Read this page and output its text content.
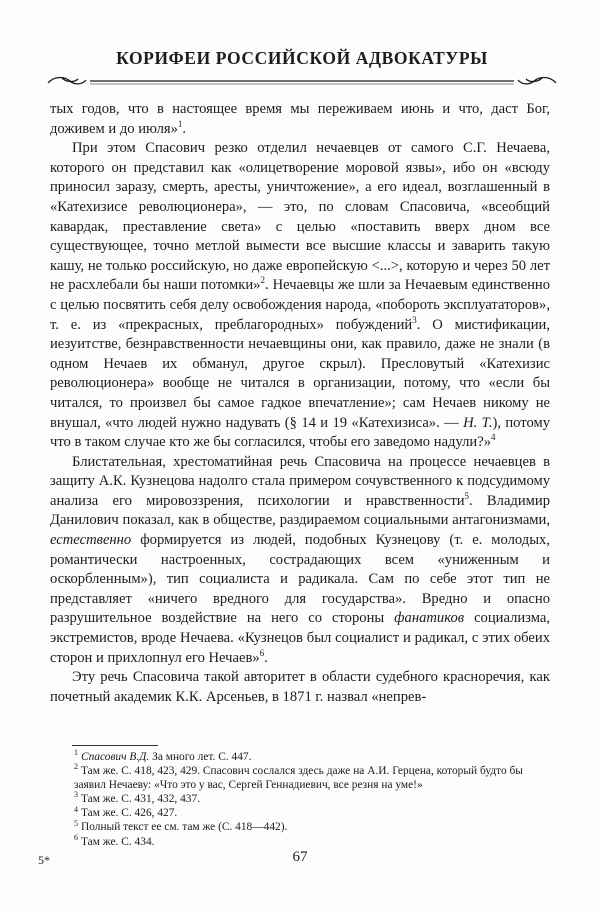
КОРИФЕИ РОССИЙСКОЙ АДВОКАТУРЫ

тых годов, что в настоящее время мы переживаем июнь и что, даст Бог, доживем и до июля»$^1$.

При этом Спасович резко отделил нечаевцев от самого С.Г. Нечаева, которого он представил как «олицетворение моровой язвы», ибо он «всюду приносил заразу, смерть, аресты, уничтожение», а его идеал, возглашенный в «Катехизисе революционера», — это, по словам Спасовича, «всеобщий кавардак, преставление света» с целью «поставить вверх дном все существующее, точно метлой вымести все высшие классы и заварить такую кашу, не только российскую, но даже европейскую <...>, которую и через 50 лет не расхлебали бы наши потомки»$^2$. Нечаевцы же шли за Нечаевым единственно с целью посвятить себя делу освобождения народа, «побороть эксплуататоров», т. е. из «прекрасных, преблагородных» побуждений$^3$. О мистификации, иезуитстве, безнравственности нечаевщины они, как правило, даже не знали (в одном Нечаев их обманул, другое скрыл). Пресловутый «Катехизис революционера» вообще не читался в организации, потому, что «если бы читался, то произвел бы самое гадкое впечатление»; сам Нечаев никому не внушал, «что людей нужно надувать (§ 14 и 19 «Катехизиса». — Н. Т.), потому что в таком случае кто же бы согласился, чтобы его заведомо надули?»$^4$

Блистательная, хрестоматийная речь Спасовича на процессе нечаевцев в защиту А.К. Кузнецова надолго стала примером сочувственного к подсудимому анализа его мировоззрения, психологии и нравственности$^5$. Владимир Данилович показал, как в обществе, раздираемом социальными антагонизмами, естественно формируется из людей, подобных Кузнецову (т. е. молодых, романтически настроенных, сострадающих всем «униженным и оскорбленным»), тип социалиста и радикала. Сам по себе этот тип не представляет «ничего вредного для государства». Вредно и опасно разрушительное воздействие на него со стороны фанатиков социализма, экстремистов, вроде Нечаева. «Кузнецов был социалист и радикал, с этих обеих сторон и прихлопнул его Нечаев»$^6$.

Эту речь Спасовича такой авторитет в области судебного красноречия, как почетный академик К.К. Арсеньев, в 1871 г. назвал «непрев-

$^1$ Спасович В.Д. За много лет. С. 447.
$^2$ Там же. С. 418, 423, 429. Спасович сослался здесь даже на А.И. Герцена, который будто бы заявил Нечаеву: «Что это у вас, Сергей Геннадиевич, все резня на уме!»
$^3$ Там же. С. 431, 432, 437.
$^4$ Там же. С. 426, 427.
$^5$ Полный текст ее см. там же (С. 418—442).
$^6$ Там же. С. 434.
5*	67
